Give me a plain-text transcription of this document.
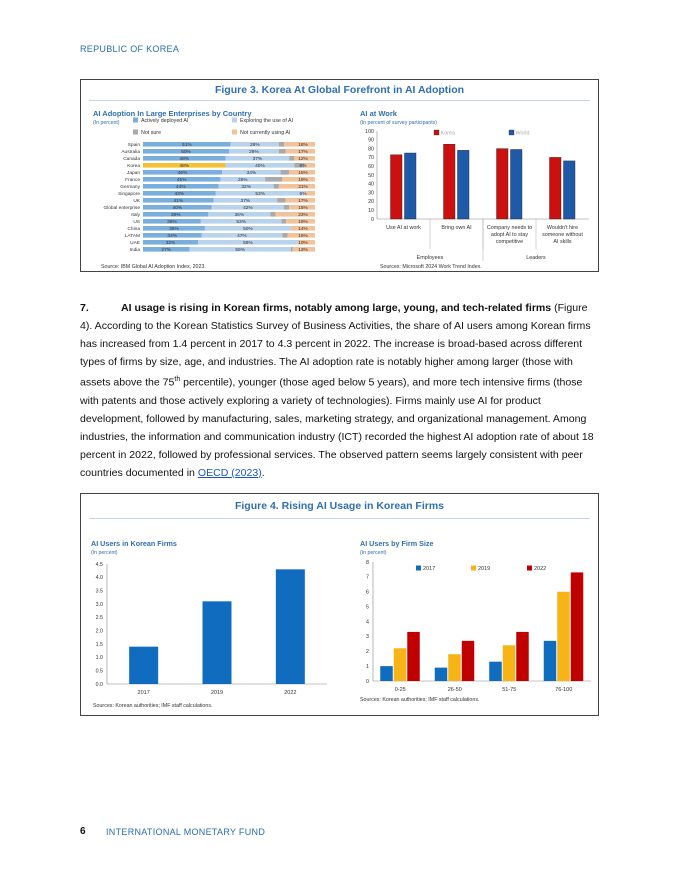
REPUBLIC OF KOREA
Figure 3. Korea At Global Forefront in AI Adoption
AI Adoption In Large Enterprises by Country
(In percent)	Actively deployed AI	Exploring the use of AI
Not sure	Not currently using AI
Spain	51%	28%	18%
Australia	50%	29%	17%
Canada	48%	37%	12%
Korea	48%	40%	6%
Japan	46%	34%	15%
France	45%	26%	19%
Germany	44%	32%	21%
Singapore	43%	53%	6%
UK	41%	37%	17%
Global enterprise	40%	42%	15%
Italy	38%	36%	23%
US	38%	53%	19%
China	36%	50%	14%
LATAM	34%	47%	16%
UAE	32%	58%	10%
India	27%	59%	13%
Source: IBM Global AI Adoption Index, 2023.
AI at Work
(In percent of survey participants)
0
10
20
30
40
50
60
70
80
90
100
Use AI at work	Bring own AI	Company needs to adopt AI to stay competitive
Wouldn't hire someone without AI skills
Employees	Leaders
Korea	World
Sources: Microsoft 2024 Work Trend Index.
7.	AI usage is rising in Korean firms, notably among large, young, and tech-related firms (Figure 4). According to the Korean Statistics Survey of Business Activities, the share of AI users among Korean firms has increased from 1.4 percent in 2017 to 4.3 percent in 2022. The increase is broad-based across different types of firms by size, age, and industries. The AI adoption rate is notably higher among larger (those with assets above the 75th percentile), younger (those aged below 5 years), and more tech intensive firms (those with patents and those actively exploring a variety of technologies). Firms mainly use AI for product development, followed by manufacturing, sales, marketing strategy, and organizational management. Among industries, the information and communication industry (ICT) recorded the highest AI adoption rate of about 18 percent in 2022, followed by professional services. The observed pattern seems largely consistent with peer countries documented in OECD (2023).
Figure 4. Rising AI Usage in Korean Firms
AI Users in Korean Firms
(In percent)
0.0
0.5
1.0
1.5
2.0
2.5
3.0
3.5
4.0
4.5
2017	2019	2022
Sources: Korean authorities; IMF staff calculations.
AI Users by Firm Size
(In percent)
0
1
2
3
4
5
6
7
8
0-25	26-50	51-75	76-100
2017	2019	2022
Sources: Korean authorities; IMF staff calculations.
6 INTERNATIONAL MONETARY FUND
